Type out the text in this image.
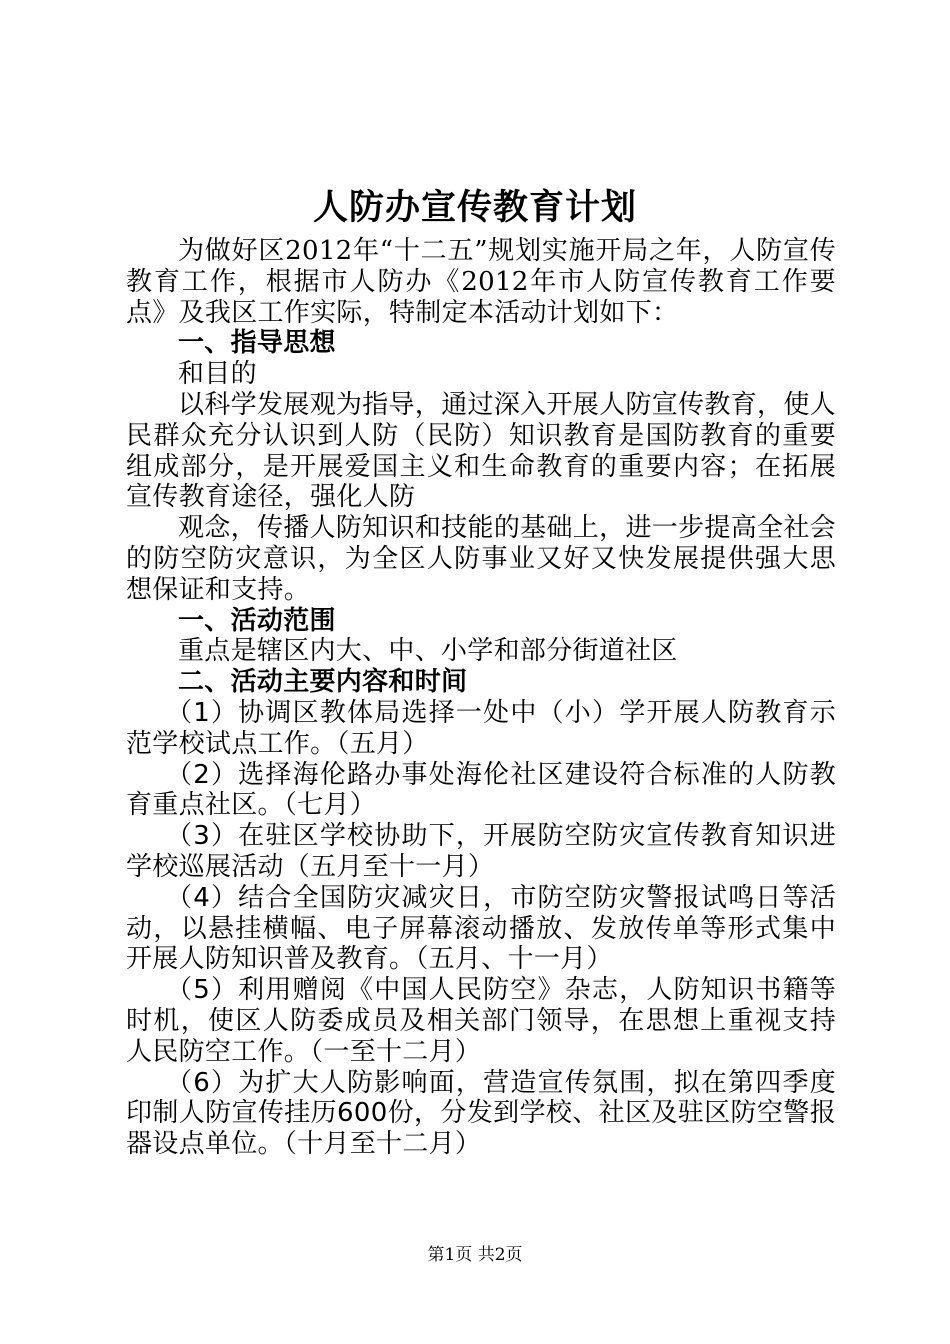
人防办宣传教育计划

为做好区2012年“十二五”规划实施开局之年，人防宣传教育工作，根据市人防办《2012年市人防宣传教育工作要点》及我区工作实际，特制定本活动计划如下：

一、指导思想

和目的

以科学发展观为指导，通过深入开展人防宣传教育，使人民群众充分认识到人防（民防）知识教育是国防教育的重要组成部分，是开展爱国主义和生命教育的重要内容；在拓展宣传教育途径，强化人防

观念，传播人防知识和技能的基础上，进一步提高全社会的防空防灾意识，为全区人防事业又好又快发展提供强大思想保证和支持。

一、活动范围

重点是辖区内大、中、小学和部分街道社区

二、活动主要内容和时间

（1）协调区教体局选择一处中（小）学开展人防教育示范学校试点工作。（五月）

（2）选择海伦路办事处海伦社区建设符合标准的人防教育重点社区。（七月）

（3）在驻区学校协助下，开展防空防灾宣传教育知识进学校巡展活动（五月至十一月）

（4）结合全国防灾减灾日，市防空防灾警报试鸣日等活动，以悬挂横幅、电子屏幕滚动播放、发放传单等形式集中开展人防知识普及教育。（五月、十一月）

（5）利用赠阅《中国人民防空》杂志，人防知识书籍等时机，使区人防委成员及相关部门领导，在思想上重视支持人民防空工作。（一至十二月）

（6）为扩大人防影响面，营造宣传氛围，拟在第四季度印制人防宣传挂历600份，分发到学校、社区及驻区防空警报器设点单位。（十月至十二月）

第1页 共2页
